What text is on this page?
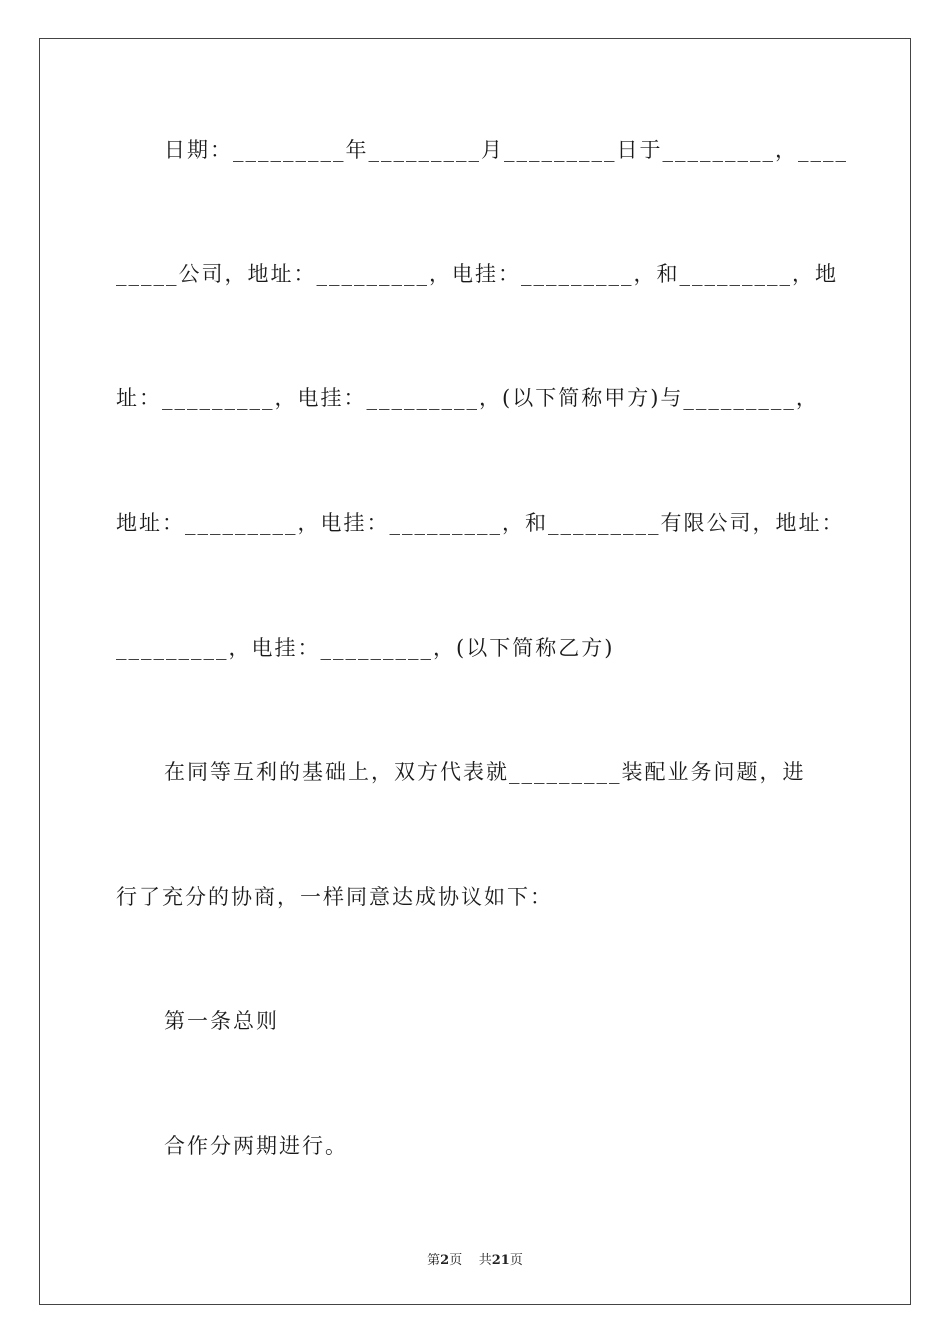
日期：_________年_________月_________日于_________，____
_____公司，地址：_________，电挂：_________，和_________，地
址：_________，电挂：_________，(以下简称甲方)与_________，
地址：_________，电挂：_________，和_________有限公司，地址：
_________，电挂：_________，(以下简称乙方)
在同等互利的基础上，双方代表就_________装配业务问题，进
行了充分的协商，一样同意达成协议如下：
第一条总则
合作分两期进行。
第2页 共21页
